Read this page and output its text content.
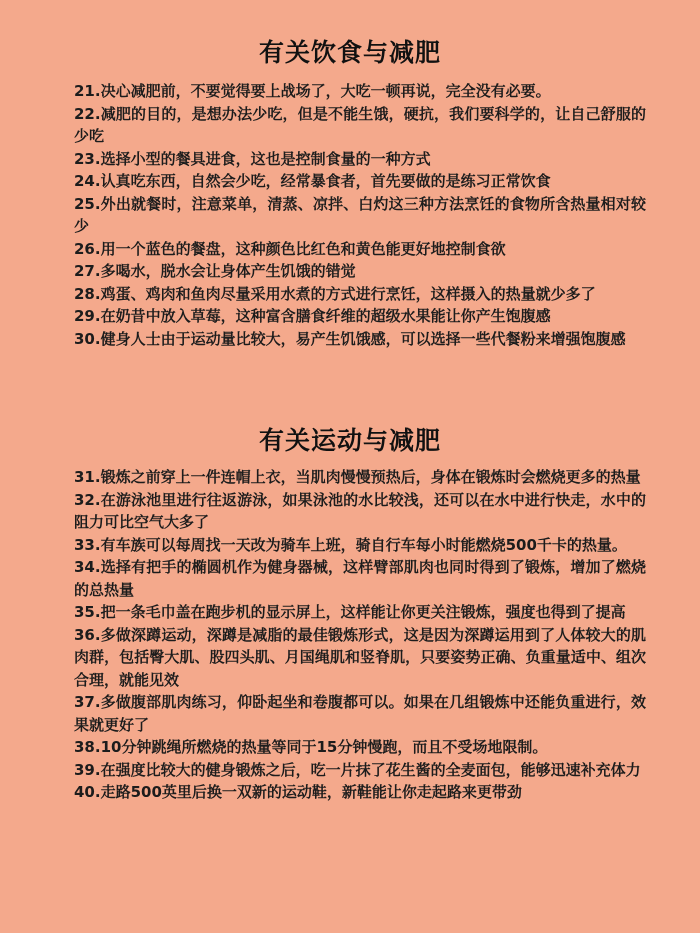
有关饮食与减肥
21.决心减肥前，不要觉得要上战场了，大吃一顿再说，完全没有必要。
22.减肥的目的，是想办法少吃，但是不能生饿，硬抗，我们要科学的，让自己舒服的少吃
23.选择小型的餐具进食，这也是控制食量的一种方式
24.认真吃东西，自然会少吃，经常暴食者，首先要做的是练习正常饮食
25.外出就餐时，注意菜单，清蒸、凉拌、白灼这三种方法烹饪的食物所含热量相对较少
26.用一个蓝色的餐盘，这种颜色比红色和黄色能更好地控制食欲
27.多喝水，脱水会让身体产生饥饿的错觉
28.鸡蛋、鸡肉和鱼肉尽量采用水煮的方式进行烹饪，这样摄入的热量就少多了
29.在奶昔中放入草莓，这种富含膳食纤维的超级水果能让你产生饱腹感
30.健身人士由于运动量比较大，易产生饥饿感，可以选择一些代餐粉来增强饱腹感
有关运动与减肥
31.锻炼之前穿上一件连帽上衣，当肌肉慢慢预热后，身体在锻炼时会燃烧更多的热量
32.在游泳池里进行往返游泳，如果泳池的水比较浅，还可以在水中进行快走，水中的阻力可比空气大多了
33.有车族可以每周找一天改为骑车上班，骑自行车每小时能燃烧500千卡的热量。
34.选择有把手的椭圆机作为健身器械，这样臂部肌肉也同时得到了锻炼，增加了燃烧的总热量
35.把一条毛巾盖在跑步机的显示屏上，这样能让你更关注锻炼，强度也得到了提高
36.多做深蹲运动，深蹲是减脂的最佳锻炼形式，这是因为深蹲运用到了人体较大的肌肉群，包括臀大肌、股四头肌、月国绳肌和竖脊肌，只要姿势正确、负重量适中、组次合理，就能见效
37.多做腹部肌肉练习，仰卧起坐和卷腹都可以。如果在几组锻炼中还能负重进行，效果就更好了
38.10分钟跳绳所燃烧的热量等同于15分钟慢跑，而且不受场地限制。
39.在强度比较大的健身锻炼之后，吃一片抹了花生酱的全麦面包，能够迅速补充体力
40.走路500英里后换一双新的运动鞋，新鞋能让你走起路来更带劲
